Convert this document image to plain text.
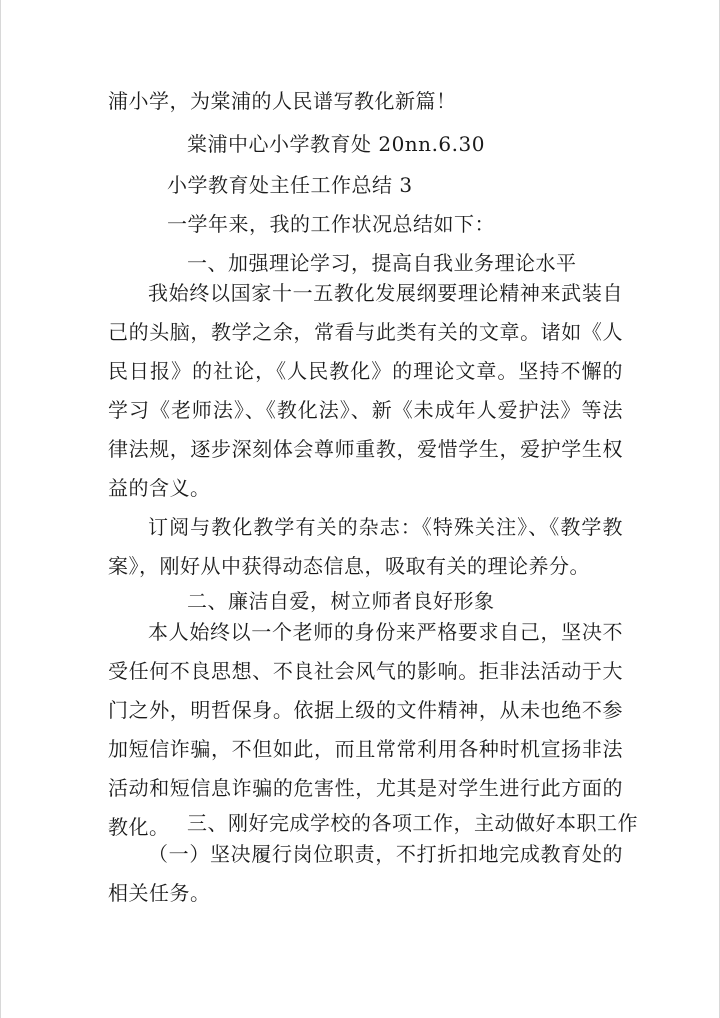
浦小学，为棠浦的人民谱写教化新篇！
棠浦中心小学教育处 20nn.6.30
小学教育处主任工作总结 3
一学年来，我的工作状况总结如下：
一、加强理论学习，提高自我业务理论水平
我始终以国家十一五教化发展纲要理论精神来武装自己的头脑，教学之余，常看与此类有关的文章。诸如《人民日报》的社论，《人民教化》的理论文章。坚持不懈的学习《老师法》、《教化法》、新《未成年人爱护法》等法律法规，逐步深刻体会尊师重教，爱惜学生，爱护学生权益的含义。
订阅与教化教学有关的杂志：《特殊关注》、《教学教案》，刚好从中获得动态信息，吸取有关的理论养分。
二、廉洁自爱，树立师者良好形象
本人始终以一个老师的身份来严格要求自己，坚决不受任何不良思想、不良社会风气的影响。拒非法活动于大门之外，明哲保身。依据上级的文件精神，从未也绝不参加短信诈骗，不但如此，而且常常利用各种时机宣扬非法活动和短信息诈骗的危害性，尤其是对学生进行此方面的教化。 三、刚好完成学校的各项工作，主动做好本职工作
（一）坚决履行岗位职责，不打折扣地完成教育处的相关任务。
